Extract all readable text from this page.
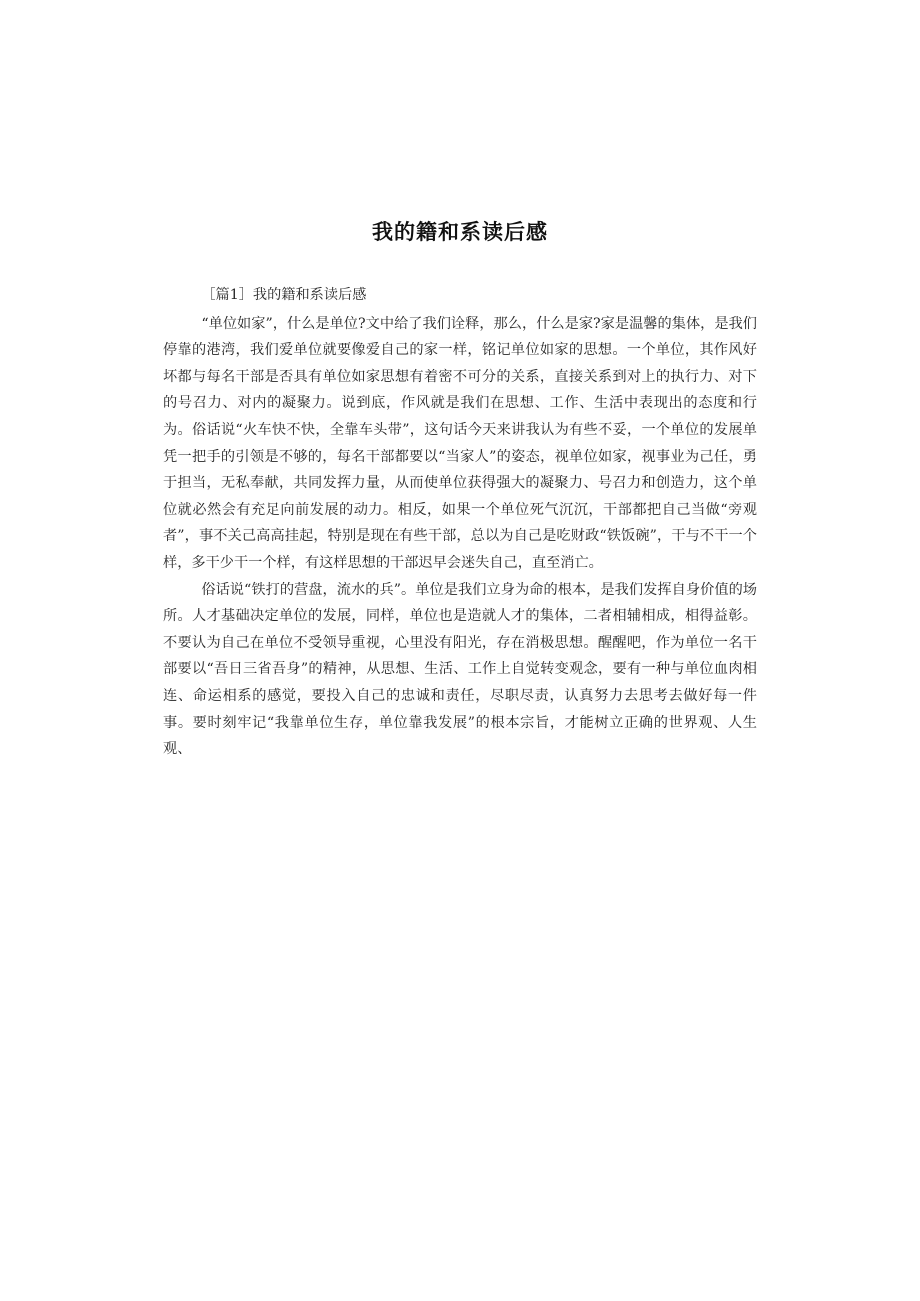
我的籍和系读后感

［篇1］我的籍和系读后感

“单位如家”，什么是单位?文中给了我们诠释，那么，什么是家?家是温馨的集体，是我们停靠的港湾，我们爱单位就要像爱自己的家一样，铭记单位如家的思想。一个单位，其作风好坏都与每名干部是否具有单位如家思想有着密不可分的关系，直接关系到对上的执行力、对下的号召力、对内的凝聚力。说到底，作风就是我们在思想、工作、生活中表现出的态度和行为。俗话说“火车快不快，全靠车头带”，这句话今天来讲我认为有些不妥，一个单位的发展单凭一把手的引领是不够的，每名干部都要以“当家人”的姿态，视单位如家，视事业为己任，勇于担当，无私奉献，共同发挥力量，从而使单位获得强大的凝聚力、号召力和创造力，这个单位就必然会有充足向前发展的动力。相反，如果一个单位死气沉沉，干部都把自己当做“旁观者”，事不关己高高挂起，特别是现在有些干部，总以为自己是吃财政“铁饭碗”，干与不干一个样，多干少干一个样，有这样思想的干部迟早会迷失自己，直至消亡。

俗话说“铁打的营盘，流水的兵”。单位是我们立身为命的根本，是我们发挥自身价值的场所。人才基础决定单位的发展，同样，单位也是造就人才的集体，二者相辅相成，相得益彰。不要认为自己在单位不受领导重视，心里没有阳光，存在消极思想。醒醒吧，作为单位一名干部要以“吾日三省吾身”的精神，从思想、生活、工作上自觉转变观念，要有一种与单位血肉相连、命运相系的感觉，要投入自己的忠诚和责任，尽职尽责，认真努力去思考去做好每一件事。要时刻牢记“我靠单位生存，单位靠我发展”的根本宗旨，才能树立正确的世界观、人生观、
